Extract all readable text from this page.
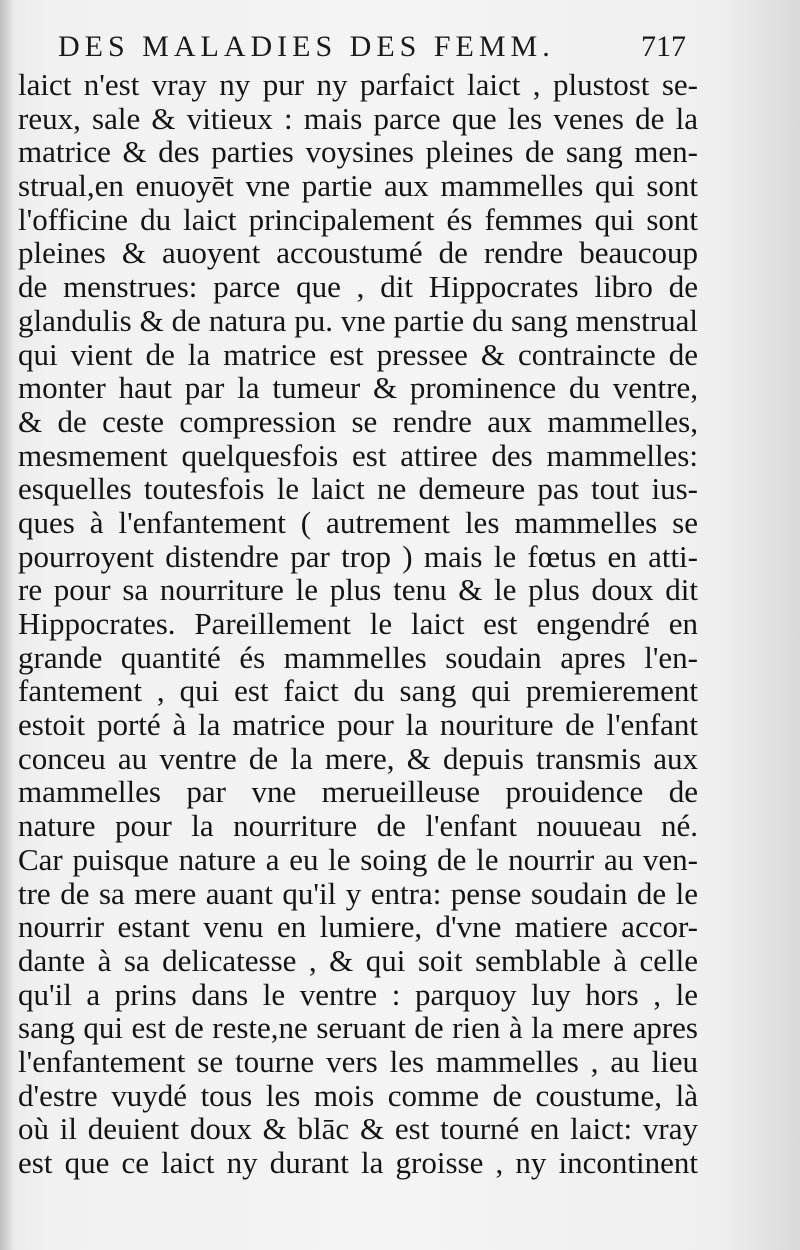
DES MALADIES DES FEMM.	717
laict n'est vray ny pur ny parfaict laict , plustost se-
reux, sale & vitieux : mais parce que les venes de la
matrice & des parties voysines pleines de sang men-
strual,en enuoyēt vne partie aux mammelles qui sont
l'officine du laict principalement és femmes qui sont
pleines & auoyent accoustumé de rendre beaucoup
de menstrues: parce que , dit Hippocrates libro de
glandulis & de natura pu. vne partie du sang menstrual
qui vient de la matrice est pressee & contraincte de
monter haut par la tumeur & prominence du ventre,
& de ceste compression se rendre aux mammelles,
mesmement quelquesfois est attiree des mammelles:
esquelles toutesfois le laict ne demeure pas tout ius-
ques à l'enfantement ( autrement les mammelles se
pourroyent distendre par trop ) mais le fœtus en atti-
re pour sa nourriture le plus tenu & le plus doux dit
Hippocrates. Pareillement le laict est engendré en
grande quantité és mammelles soudain apres l'en-
fantement , qui est faict du sang qui premierement
estoit porté à la matrice pour la nouriture de l'enfant
conceu au ventre de la mere, & depuis transmis aux
mammelles par vne merueilleuse prouidence de
nature pour la nourriture de l'enfant nouueau né.
Car puisque nature a eu le soing de le nourrir au ven-
tre de sa mere auant qu'il y entra: pense soudain de le
nourrir estant venu en lumiere, d'vne matiere accor-
dante à sa delicatesse , & qui soit semblable à celle
qu'il a prins dans le ventre : parquoy luy hors , le
sang qui est de reste,ne seruant de rien à la mere apres
l'enfantement se tourne vers les mammelles , au lieu
d'estre vuydé tous les mois comme de coustume, là
où il deuient doux & blāc & est tourné en laict: vray
est que ce laict ny durant la groisse , ny incontinent
